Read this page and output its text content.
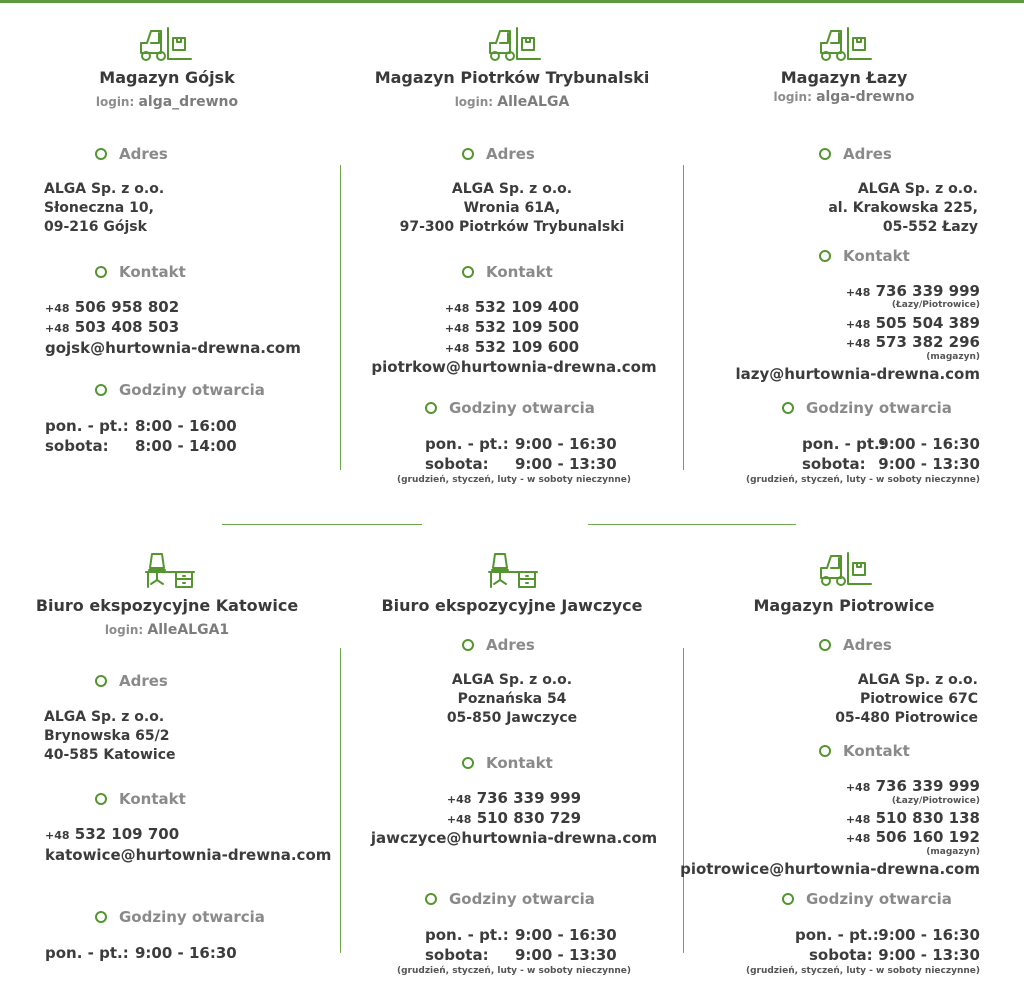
Magazyn Gójsk
login: alga_drewno
Adres
ALGA Sp. z o.o.
Słoneczna 10,
09-216 Gójsk
Kontakt
+48 506 958 802
+48 503 408 503
gojsk@hurtownia-drewna.com
Godziny otwarcia
pon. - pt.: 8:00 - 16:00
sobota: 8:00 - 14:00
Magazyn Piotrków Trybunalski
login: AlleALGA
Adres
ALGA Sp. z o.o.
Wronia 61A,
97-300 Piotrków Trybunalski
Kontakt
+48 532 109 400
+48 532 109 500
+48 532 109 600
piotrkow@hurtownia-drewna.com
Godziny otwarcia
pon. - pt.: 9:00 - 16:30
sobota: 9:00 - 13:30
(grudzień, styczeń, luty - w soboty nieczynne)
Magazyn Łazy
login: alga-drewno
Adres
ALGA Sp. z o.o.
al. Krakowska 225,
05-552 Łazy
Kontakt
+48 736 339 999
(Łazy/Piotrowice)
+48 505 504 389
+48 573 382 296
(magazyn)
lazy@hurtownia-drewna.com
Godziny otwarcia
pon. - pt.:
9:00 - 16:30
sobota: 9:00 - 13:30
(grudzień, styczeń, luty - w soboty nieczynne)
Biuro ekspozycyjne Katowice
login: AlleALGA1
Adres
ALGA Sp. z o.o.
Brynowska 65/2
40-585 Katowice
Kontakt
+48 532 109 700
katowice@hurtownia-drewna.com
Godziny otwarcia
pon. - pt.: 9:00 - 16:30
Biuro ekspozycyjne Jawczyce
Adres
ALGA Sp. z o.o.
Poznańska 54
05-850 Jawczyce
Kontakt
+48 736 339 999
+48 510 830 729
jawczyce@hurtownia-drewna.com
Godziny otwarcia
pon. - pt.: 9:00 - 16:30
sobota: 9:00 - 13:30
(grudzień, styczeń, luty - w soboty nieczynne)
Magazyn Piotrowice
Adres
ALGA Sp. z o.o.
Piotrowice 67C
05-480 Piotrowice
Kontakt
+48 736 339 999
(Łazy/Piotrowice)
+48 510 830 138
+48 506 160 192
(magazyn)
piotrowice@hurtownia-drewna.com
Godziny otwarcia
pon. - pt.: 9:00 - 16:30
sobota: 9:00 - 13:30
(grudzień, styczeń, luty - w soboty nieczynne)
